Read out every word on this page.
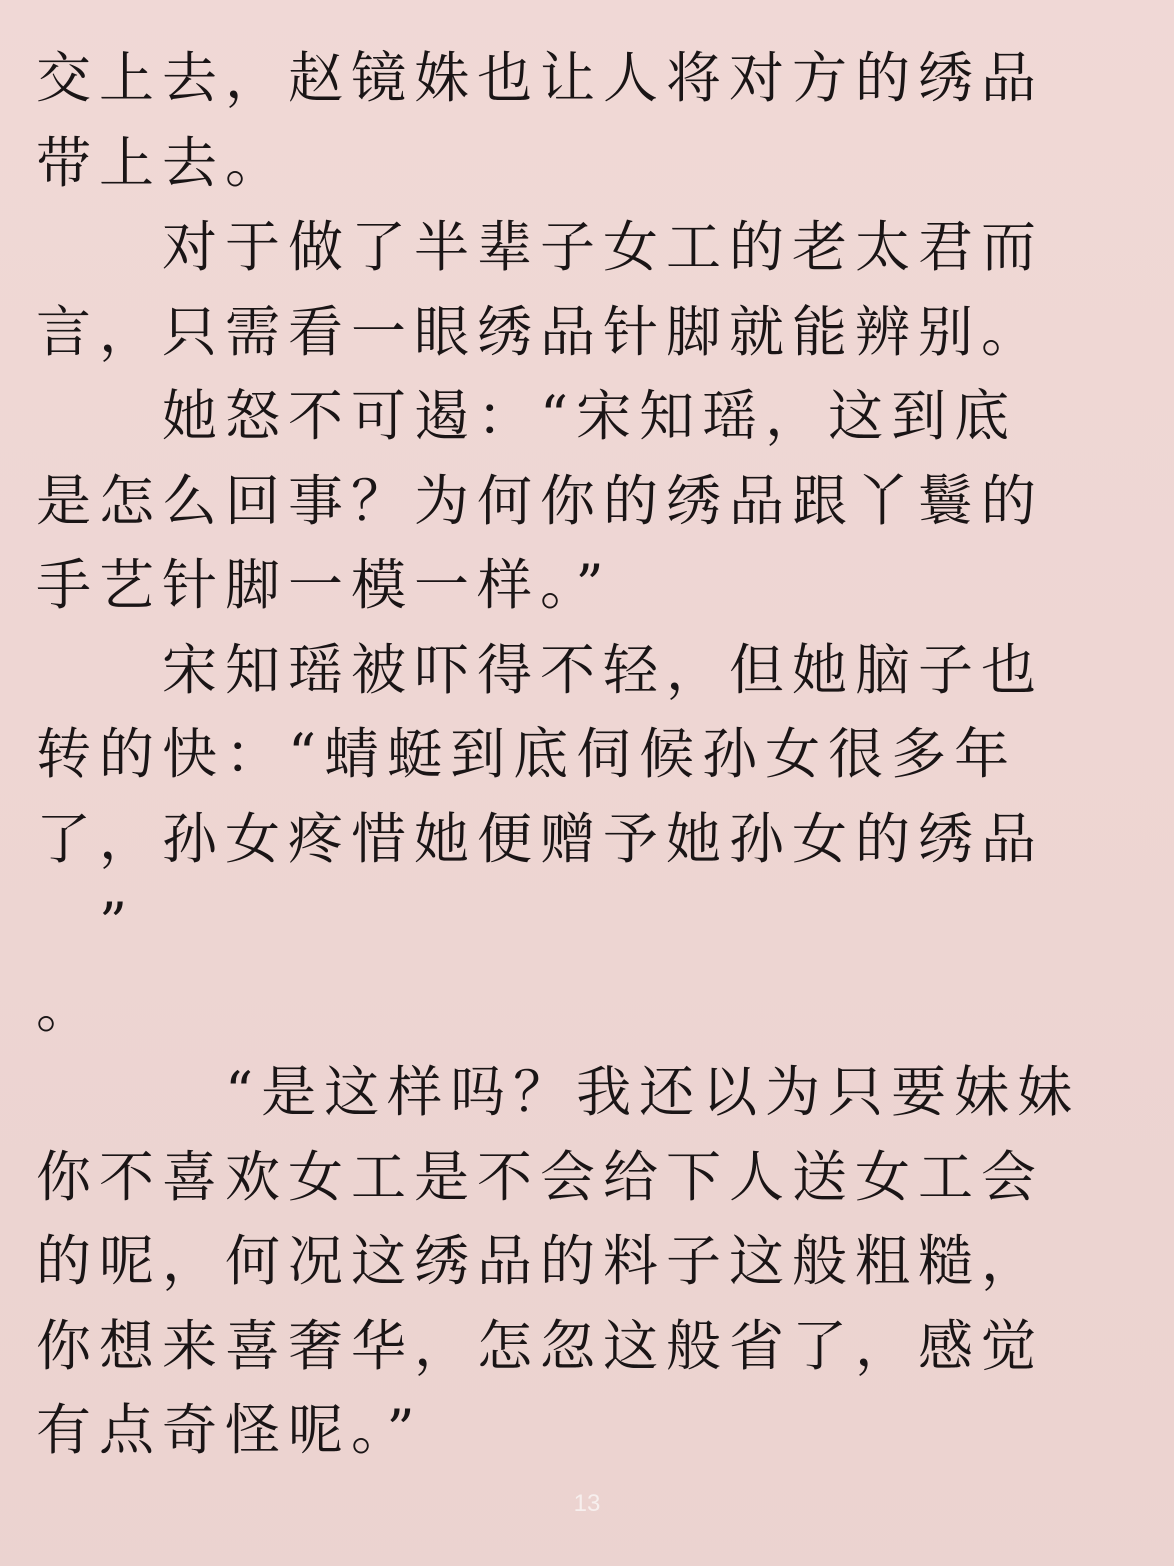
交上去，赵镜姝也让人将对方的绣品
带上去。
　　对于做了半辈子女工的老太君而
言，只需看一眼绣品针脚就能辨别。
　　她怒不可遏：“宋知瑶，这到底
是怎么回事？为何你的绣品跟丫鬟的
手艺针脚一模一样。”
　　宋知瑶被吓得不轻，但她脑子也
转的快：“蜻蜓到底伺候孙女很多年
了，孙女疼惜她便赠予她孙女的绣品
　”
。
　　　“是这样吗？我还以为只要妹妹
你不喜欢女工是不会给下人送女工会
的呢，何况这绣品的料子这般粗糙，
你想来喜奢华，怎忽这般省了，感觉
有点奇怪呢。”
13
